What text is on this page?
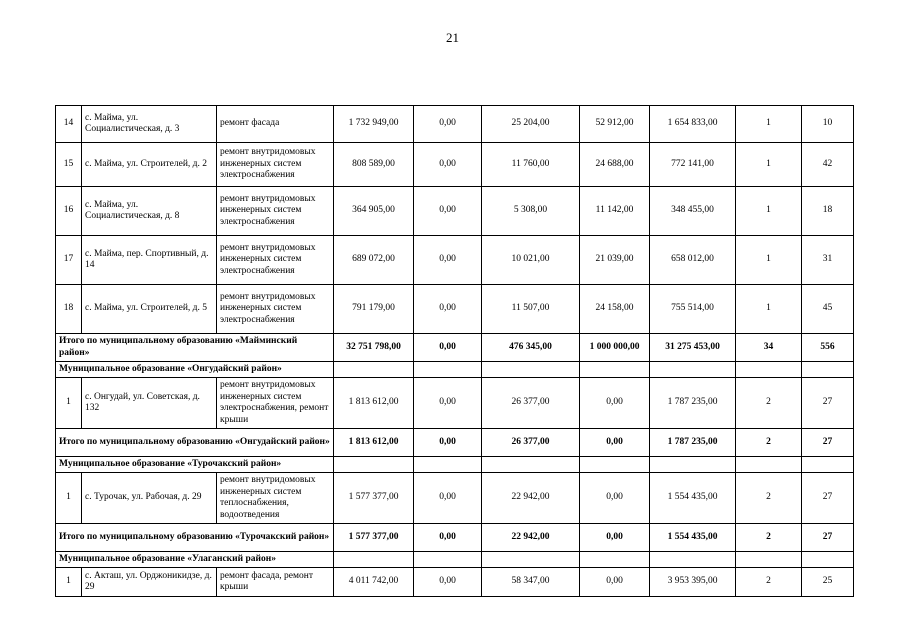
21
14	с. Майма, ул. Социалистическая, д. 3	ремонт фасада	1 732 949,00	0,00	25 204,00	52 912,00	1 654 833,00	1	10
15	с. Майма, ул. Строителей, д. 2	ремонт внутридомовых инженерных систем электроснабжения	808 589,00	0,00	11 760,00	24 688,00	772 141,00	1	42
16	с. Майма, ул. Социалистическая, д. 8	ремонт внутридомовых инженерных систем электроснабжения	364 905,00	0,00	5 308,00	11 142,00	348 455,00	1	18
17	с. Майма, пер. Спортивный, д. 14	ремонт внутридомовых инженерных систем электроснабжения	689 072,00	0,00	10 021,00	21 039,00	658 012,00	1	31
18	с. Майма, ул. Строителей, д. 5	ремонт внутридомовых инженерных систем электроснабжения	791 179,00	0,00	11 507,00	24 158,00	755 514,00	1	45
Итого по муниципальному образованию «Майминский район»			32 751 798,00	0,00	476 345,00	1 000 000,00	31 275 453,00	34	556
Муниципальное образование «Онгудайский район»									
1	с. Онгудай, ул. Советская, д. 132	ремонт внутридомовых инженерных систем электроснабжения, ремонт крыши	1 813 612,00	0,00	26 377,00	0,00	1 787 235,00	2	27
Итого по муниципальному образованию «Онгудайский район»			1 813 612,00	0,00	26 377,00	0,00	1 787 235,00	2	27
Муниципальное образование «Турочакский район»									
1	с. Турочак, ул. Рабочая, д. 29	ремонт внутридомовых инженерных систем теплоснабжения, водоотведения	1 577 377,00	0,00	22 942,00	0,00	1 554 435,00	2	27
Итого по муниципальному образованию «Турочакский район»			1 577 377,00	0,00	22 942,00	0,00	1 554 435,00	2	27
Муниципальное образование «Улаганский район»									
1	с. Акташ, ул. Орджоникидзе, д. 29	ремонт фасада, ремонт крыши	4 011 742,00	0,00	58 347,00	0,00	3 953 395,00	2	25
